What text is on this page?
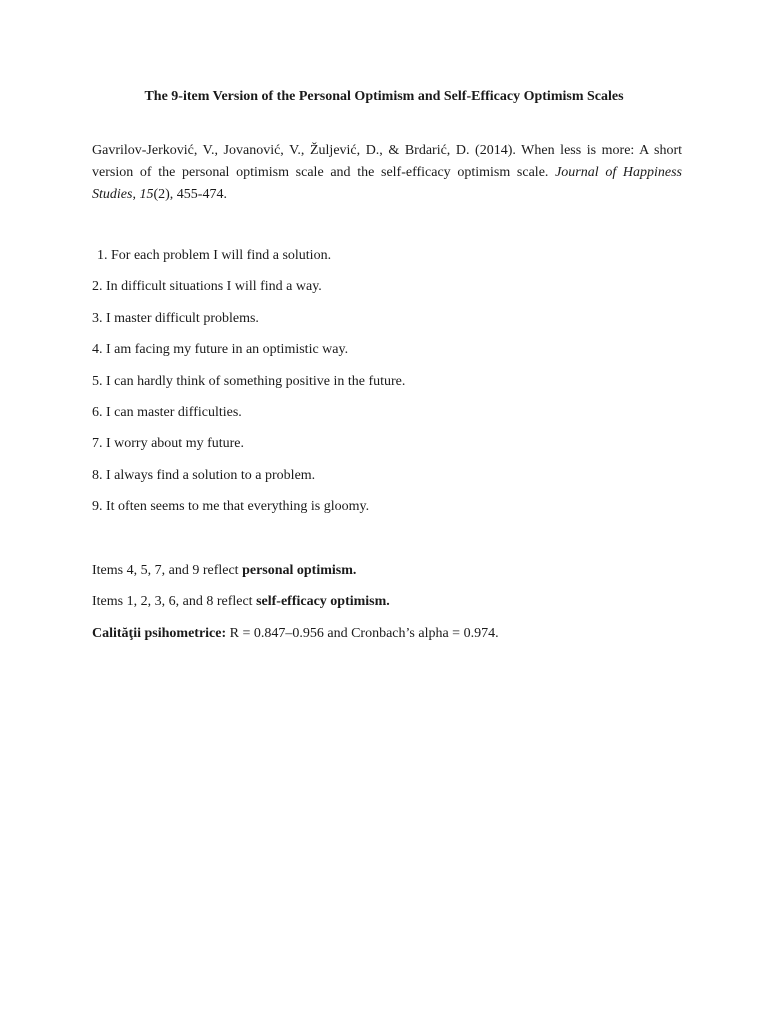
The 9-item Version of the Personal Optimism and Self-Efficacy Optimism Scales
Gavrilov-Jerković, V., Jovanović, V., Žuljević, D., & Brdarić, D. (2014). When less is more: A short version of the personal optimism scale and the self-efficacy optimism scale. Journal of Happiness Studies, 15(2), 455-474.
1. For each problem I will find a solution.
2. In difficult situations I will find a way.
3. I master difficult problems.
4. I am facing my future in an optimistic way.
5. I can hardly think of something positive in the future.
6. I can master difficulties.
7. I worry about my future.
8. I always find a solution to a problem.
9. It often seems to me that everything is gloomy.

Items 4, 5, 7, and 9 reflect personal optimism.

Items 1, 2, 3, 6, and 8 reflect self-efficacy optimism.

Calităţii psihometrice: R = 0.847–0.956 and Cronbach’s alpha = 0.974.
